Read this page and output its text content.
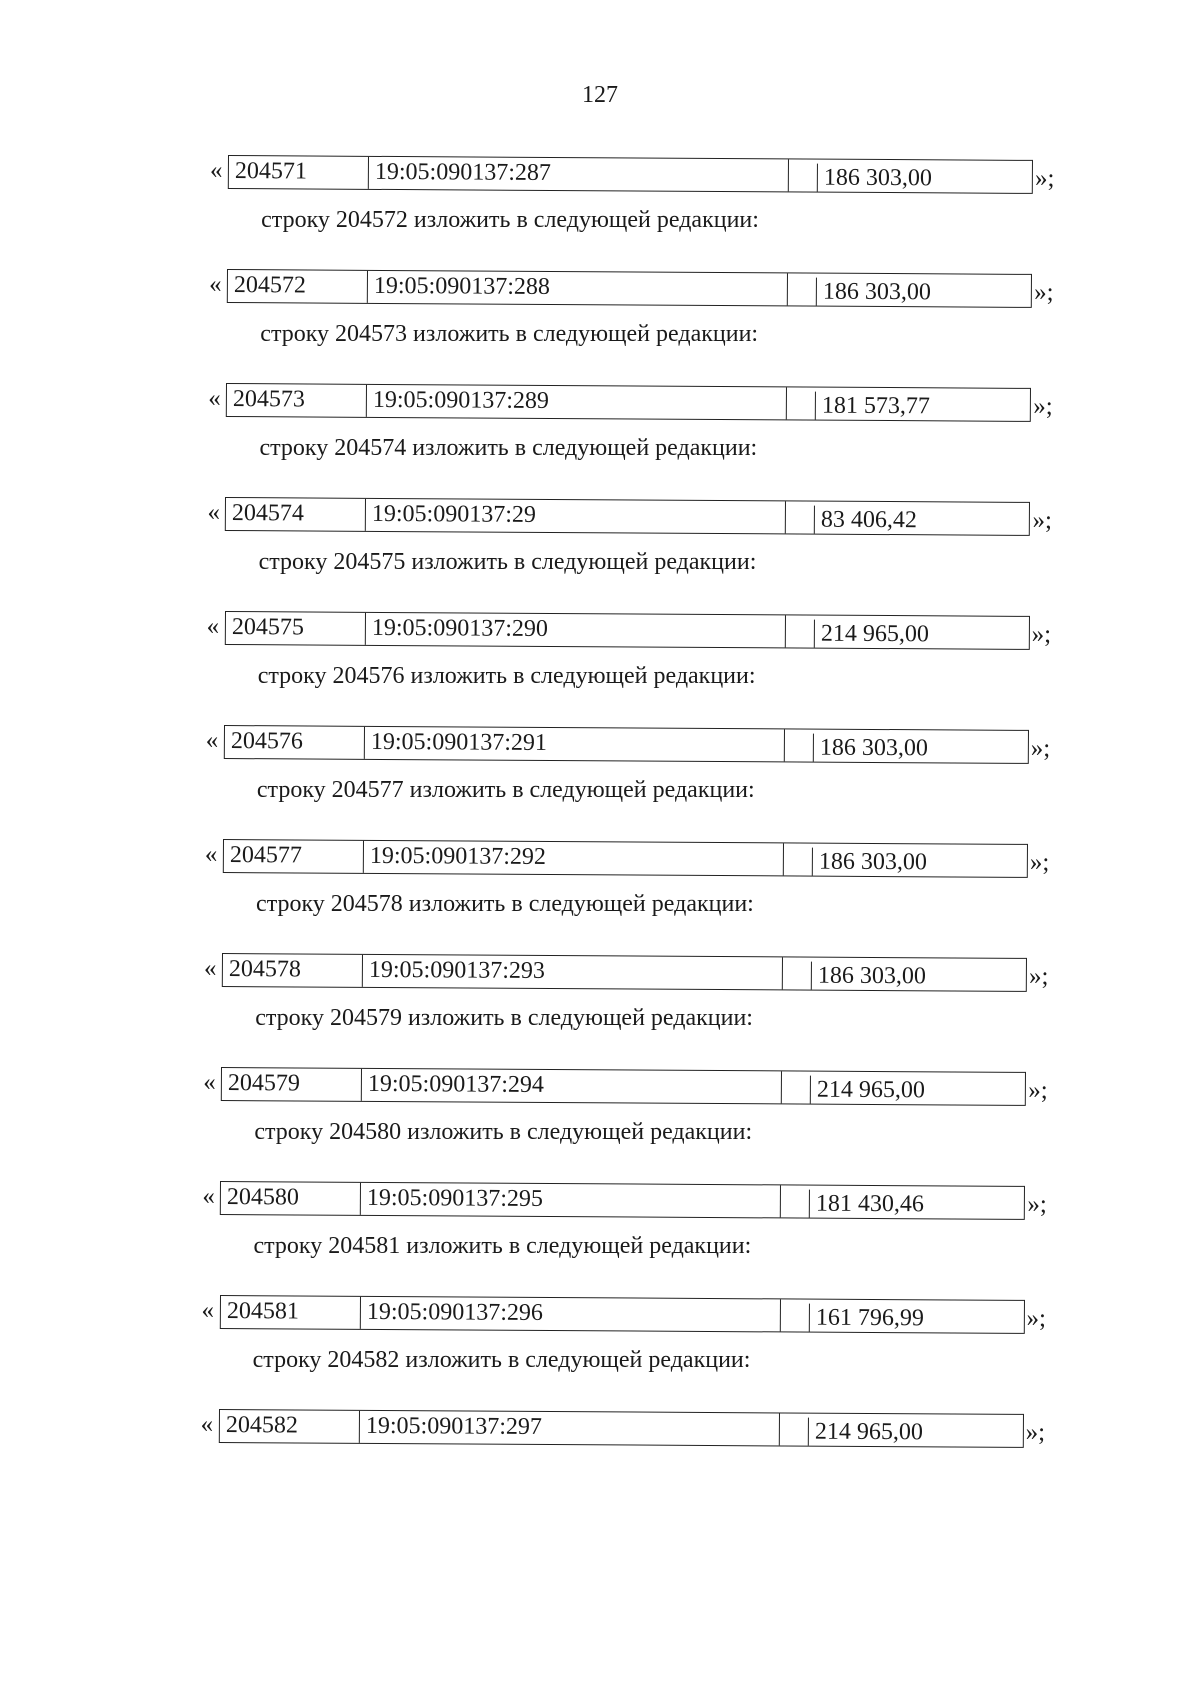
127
« 204571	19:05:090137:287	186 303,00	»;
строку 204572 изложить в следующей редакции:
« 204572	19:05:090137:288	186 303,00	»;
строку 204573 изложить в следующей редакции:
« 204573	19:05:090137:289	181 573,77	»;
строку 204574 изложить в следующей редакции:
« 204574	19:05:090137:29	83 406,42	»;
строку 204575 изложить в следующей редакции:
« 204575	19:05:090137:290	214 965,00	»;
строку 204576 изложить в следующей редакции:
« 204576	19:05:090137:291	186 303,00	»;
строку 204577 изложить в следующей редакции:
« 204577	19:05:090137:292	186 303,00	»;
строку 204578 изложить в следующей редакции:
« 204578	19:05:090137:293	186 303,00	»;
строку 204579 изложить в следующей редакции:
« 204579	19:05:090137:294	214 965,00	»;
строку 204580 изложить в следующей редакции:
« 204580	19:05:090137:295	181 430,46	»;
строку 204581 изложить в следующей редакции:
« 204581	19:05:090137:296	161 796,99	»;
строку 204582 изложить в следующей редакции:
« 204582	19:05:090137:297	214 965,00	»;
